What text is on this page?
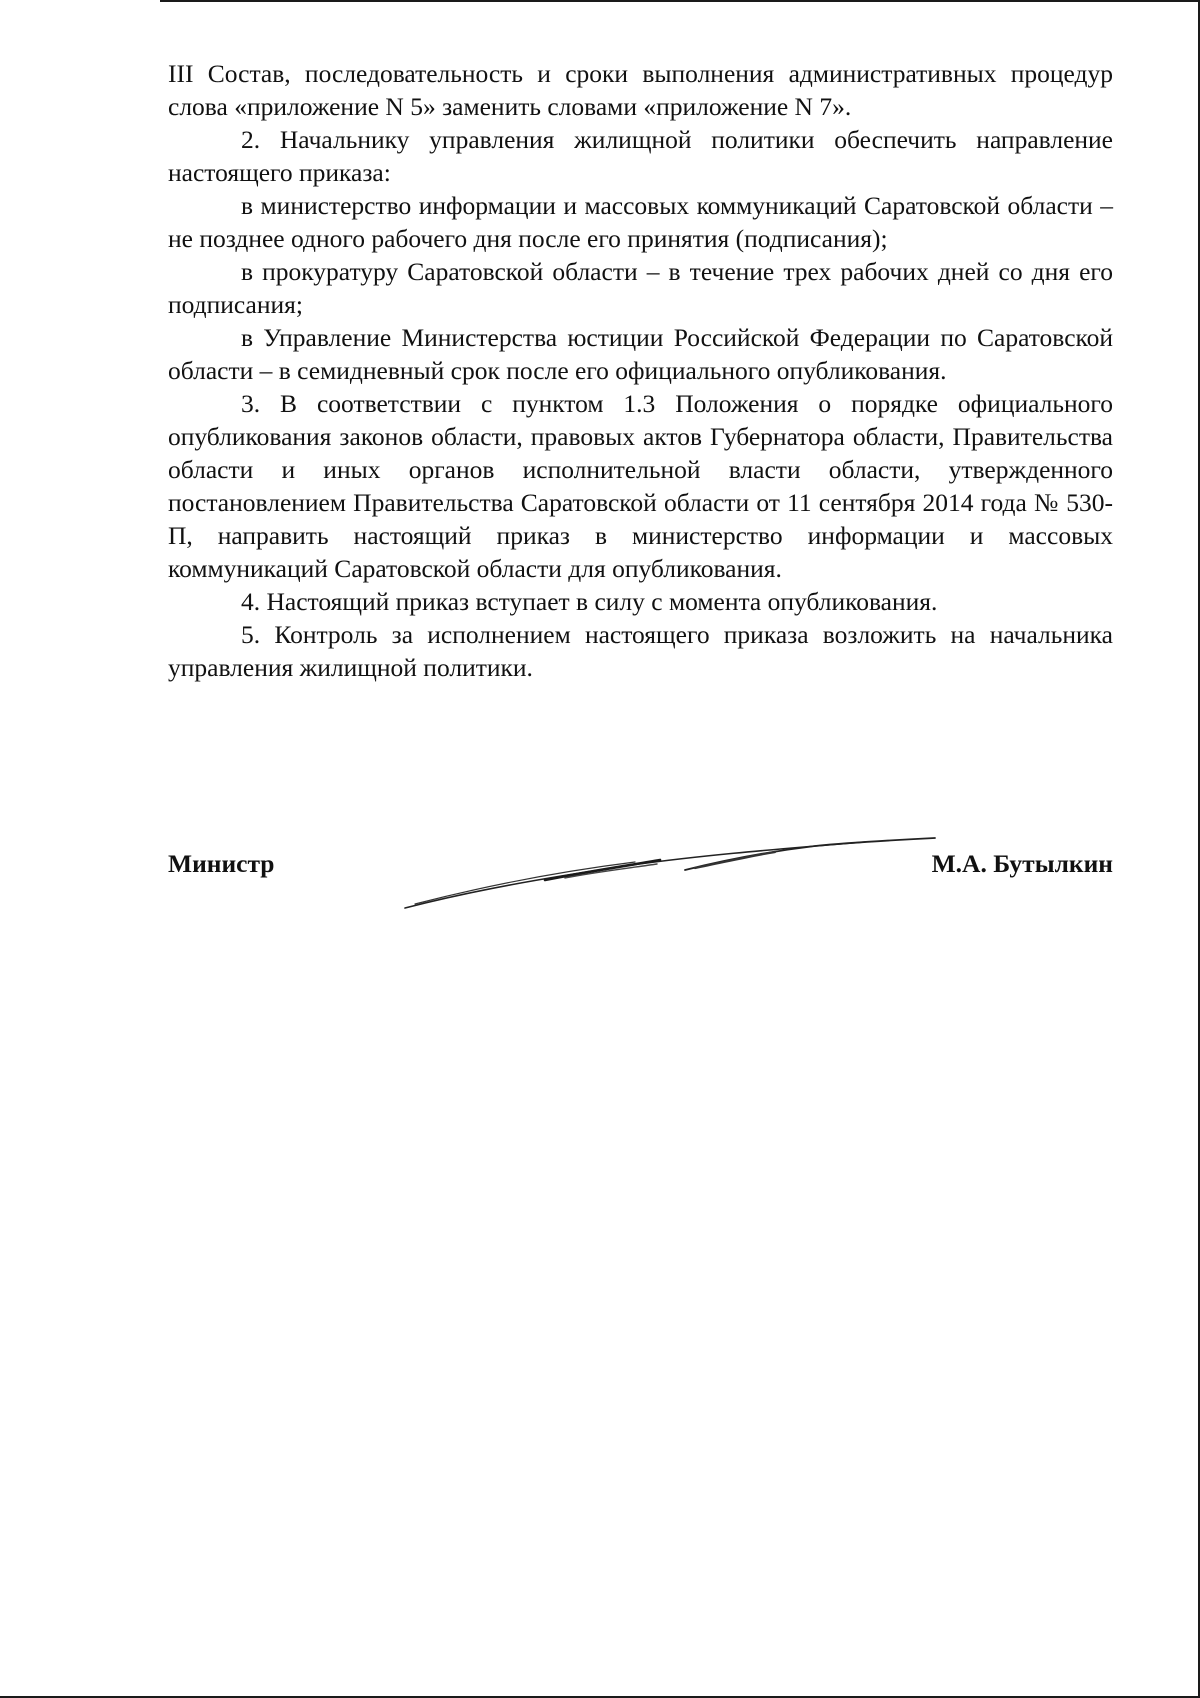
III Состав, последовательность и сроки выполнения административных процедур слова «приложение N 5» заменить словами «приложение N 7».

2. Начальнику управления жилищной политики обеспечить направление настоящего приказа:

в министерство информации и массовых коммуникаций Саратовской области – не позднее одного рабочего дня после его принятия (подписания);

в прокуратуру Саратовской области – в течение трех рабочих дней со дня его подписания;

в Управление Министерства юстиции Российской Федерации по Саратовской области – в семидневный срок после его официального опубликования.

3. В соответствии с пунктом 1.3 Положения о порядке официального опубликования законов области, правовых актов Губернатора области, Правительства области и иных органов исполнительной власти области, утвержденного постановлением Правительства Саратовской области от 11 сентября 2014 года № 530-П, направить настоящий приказ в министерство информации и массовых коммуникаций Саратовской области для опубликования.

4. Настоящий приказ вступает в силу с момента опубликования.

5. Контроль за исполнением настоящего приказа возложить на начальника управления жилищной политики.

Министр	М.А. Бутылкин
